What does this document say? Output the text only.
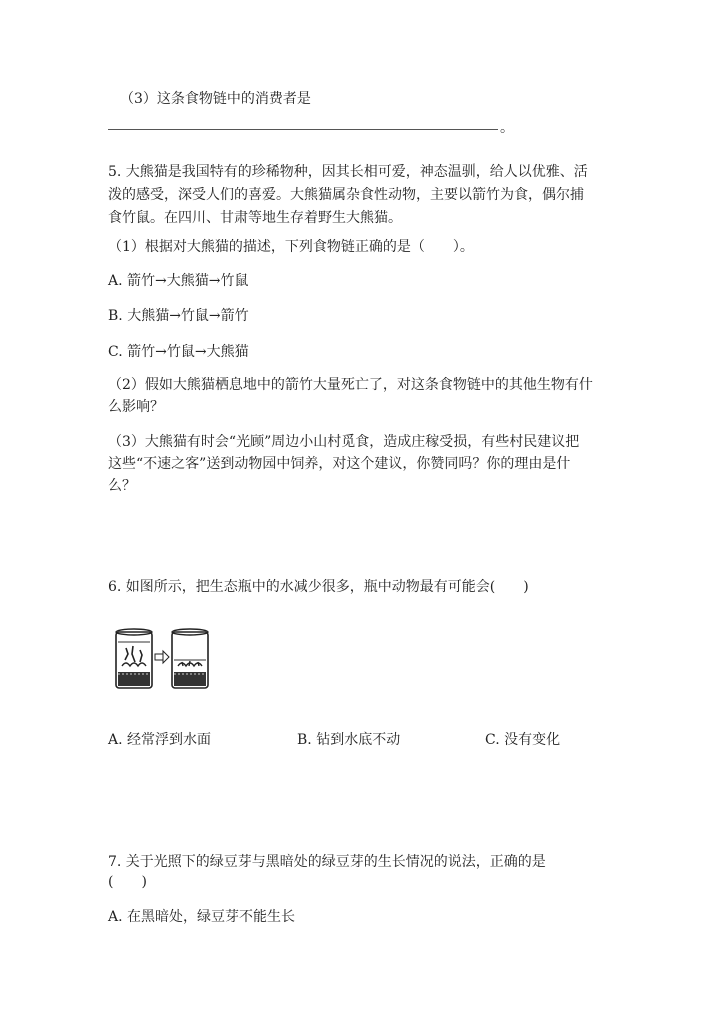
（3）这条食物链中的消费者是
。
5. 大熊猫是我国特有的珍稀物种，因其长相可爱，神态温驯，给人以优雅、活
泼的感受，深受人们的喜爱。大熊猫属杂食性动物，主要以箭竹为食，偶尔捕
食竹鼠。在四川、甘肃等地生存着野生大熊猫。
（1）根据对大熊猫的描述，下列食物链正确的是（　　）。
A. 箭竹→大熊猫→竹鼠
B. 大熊猫→竹鼠→箭竹
C. 箭竹→竹鼠→大熊猫
（2）假如大熊猫栖息地中的箭竹大量死亡了，对这条食物链中的其他生物有什
么影响？
（3）大熊猫有时会“光顾”周边小山村觅食，造成庄稼受损，有些村民建议把
这些“不速之客”送到动物园中饲养，对这个建议，你赞同吗？你的理由是什
么？
6. 如图所示，把生态瓶中的水减少很多，瓶中动物最有可能会(　　)
A. 经常浮到水面	B. 钻到水底不动	C. 没有变化
7. 关于光照下的绿豆芽与黑暗处的绿豆芽的生长情况的说法，正确的是
(　　)
A. 在黑暗处，绿豆芽不能生长
